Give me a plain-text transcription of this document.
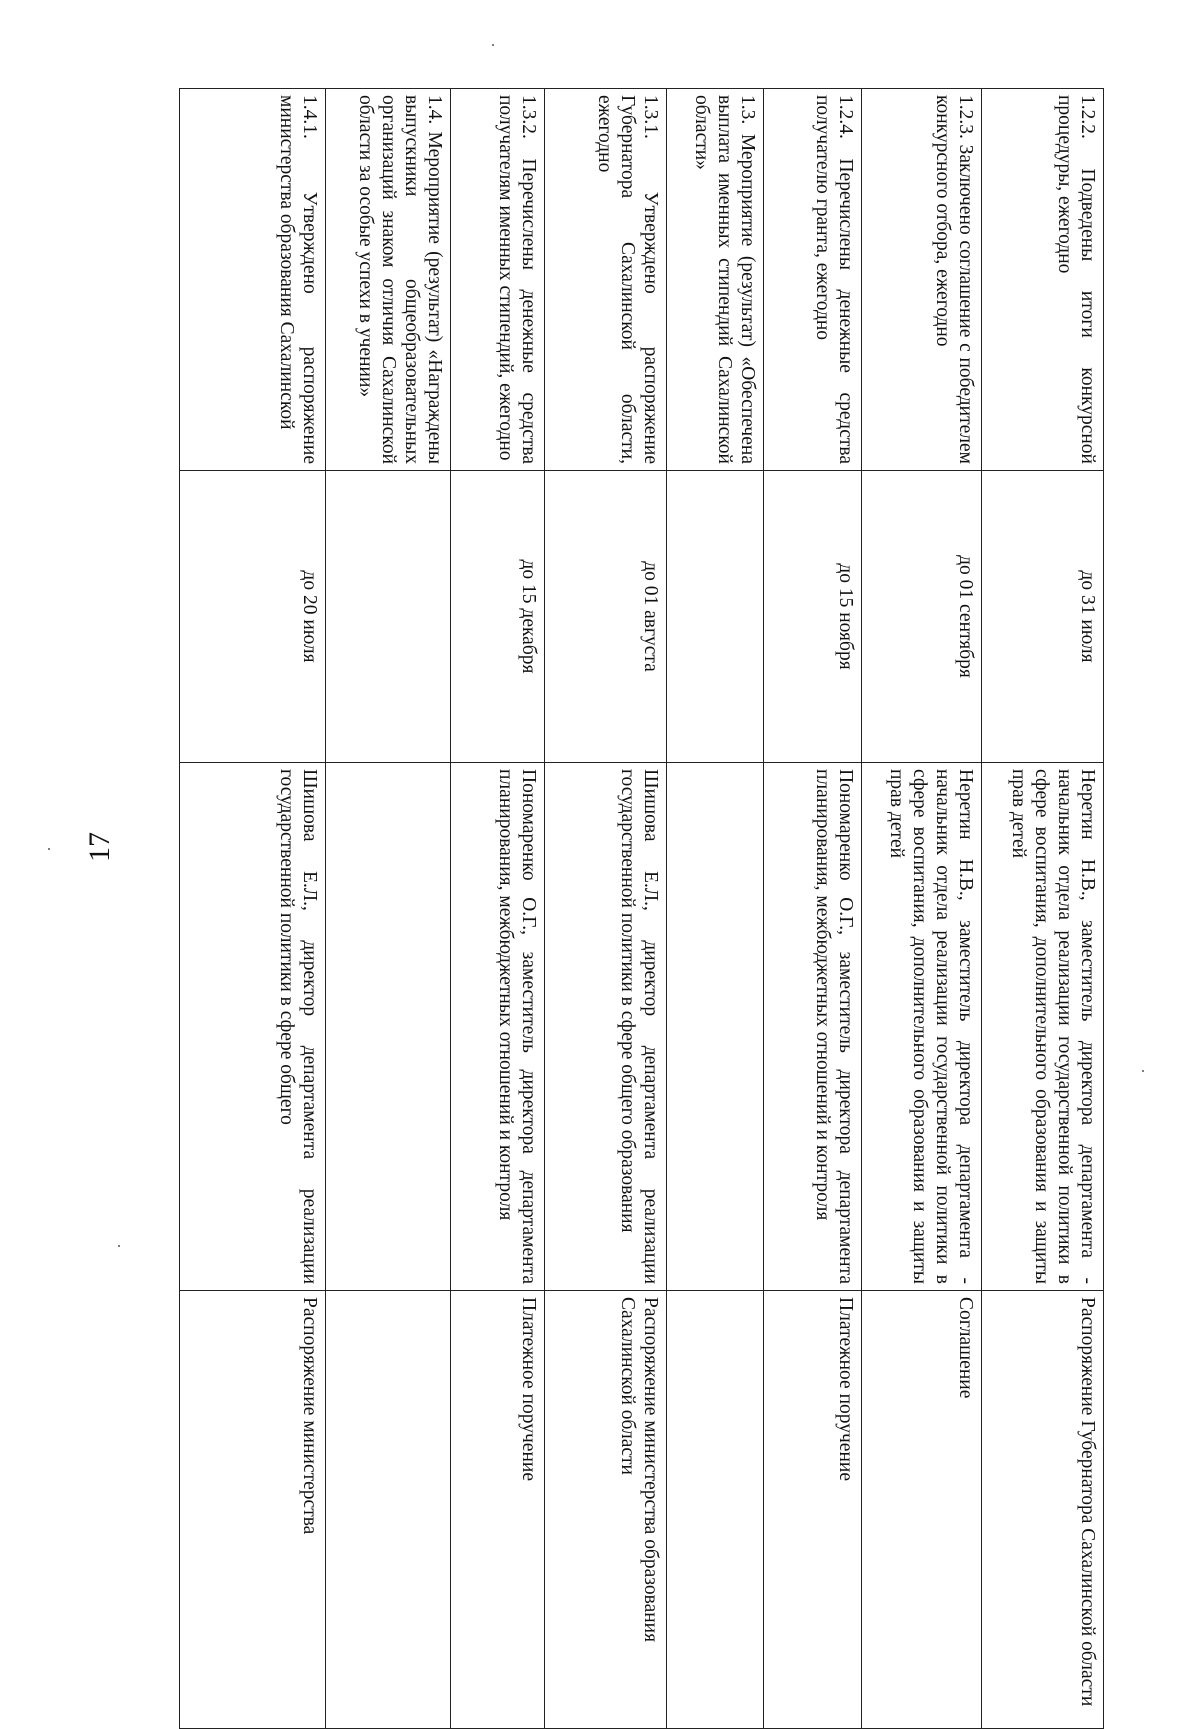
17
1.2.2. Подведены итоги конкурсной процедуры, ежегодно	до 31 июля	Неретин Н.В., заместитель директора департамента - начальник отдела реализации государственной политики в сфере воспитания, дополнительного образования и защиты прав детей	Распоряжение Губернатора Сахалинской области
1.2.3. Заключено соглашение с победителем конкурсного отбора, ежегодно	до 01 сентября	Неретин Н.В., заместитель директора департамента - начальник отдела реализации государственной политики в сфере воспитания, дополнительного образования и защиты прав детей	Соглашение
1.2.4. Перечислены денежные средства получателю гранта, ежегодно	до 15 ноября	Пономаренко О.Г., заместитель директора департамента планирования, межбюджетных отношений и контроля	Платежное поручение
1.3. Мероприятие (результат) «Обеспечена выплата именных стипендий Сахалинской области»			
1.3.1. Утверждено распоряжение Губернатора Сахалинской области, ежегодно	до 01 августа	Шишова Е.Л., директор департамента реализации государственной политики в сфере общего образования	Распоряжение министерства образования Сахалинской области
1.3.2. Перечислены денежные средства получателям именных стипендий, ежегодно	до 15 декабря	Пономаренко О.Г., заместитель директора департамента планирования, межбюджетных отношений и контроля	Платежное поручение
1.4. Мероприятие (результат) «Награждены выпускники общеобразовательных организаций знаком отличия Сахалинской области за особые успехи в учении»			
1.4.1. Утверждено распоряжение министерства образования Сахалинской	до 20 июля	Шишова Е.Л., директор департамента реализации государственной политики в сфере общего	Распоряжение министерства
